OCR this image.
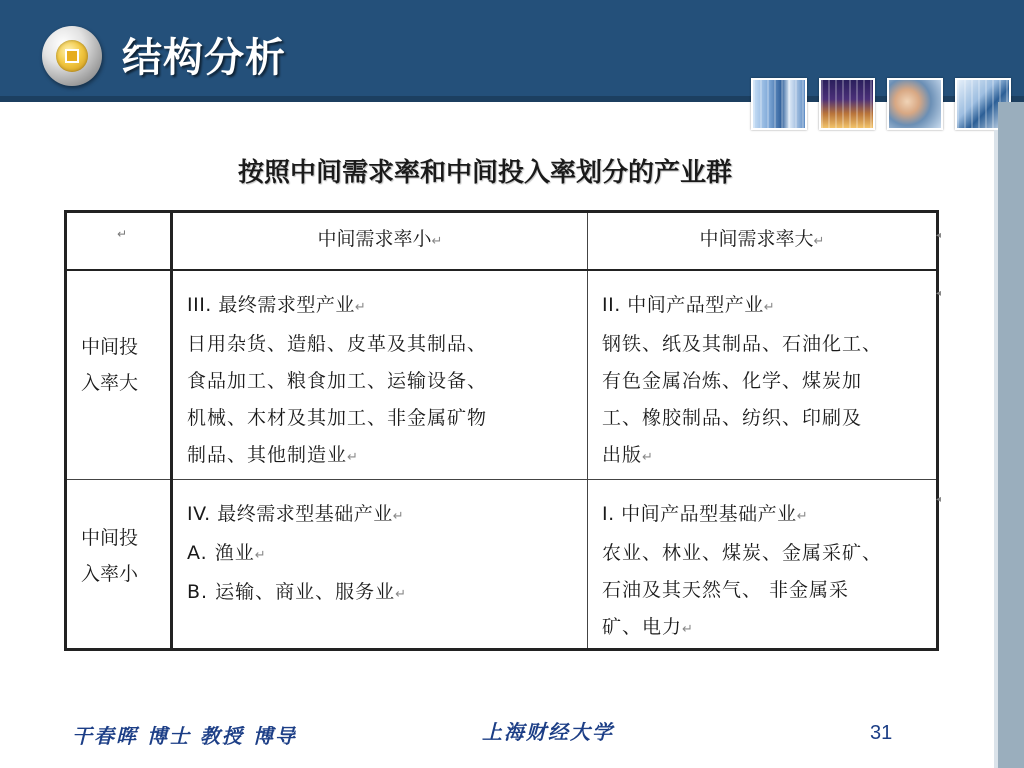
结构分析
按照中间需求率和中间投入率划分的产业群
↵	中间需求率小↵	中间需求率大↵

中间投
入率大	III. 最终需求型产业↵
日用杂货、造船、皮革及其制品、
食品加工、粮食加工、运输设备、
机械、木材及其加工、非金属矿物
制品、其他制造业↵	II. 中间产品型产业↵
钢铁、纸及其制品、石油化工、
有色金属冶炼、化学、煤炭加
工、橡胶制品、纺织、印刷及
出版↵

中间投
入率小	IV. 最终需求型基础产业↵
A. 渔业↵
B. 运输、商业、服务业↵	I. 中间产品型基础产业↵
农业、林业、煤炭、金属采矿、
石油及其天然气、 非金属采
矿、电力↵
◂
◂
◂
干春晖 博士 教授 博导	上海财经大学	31
